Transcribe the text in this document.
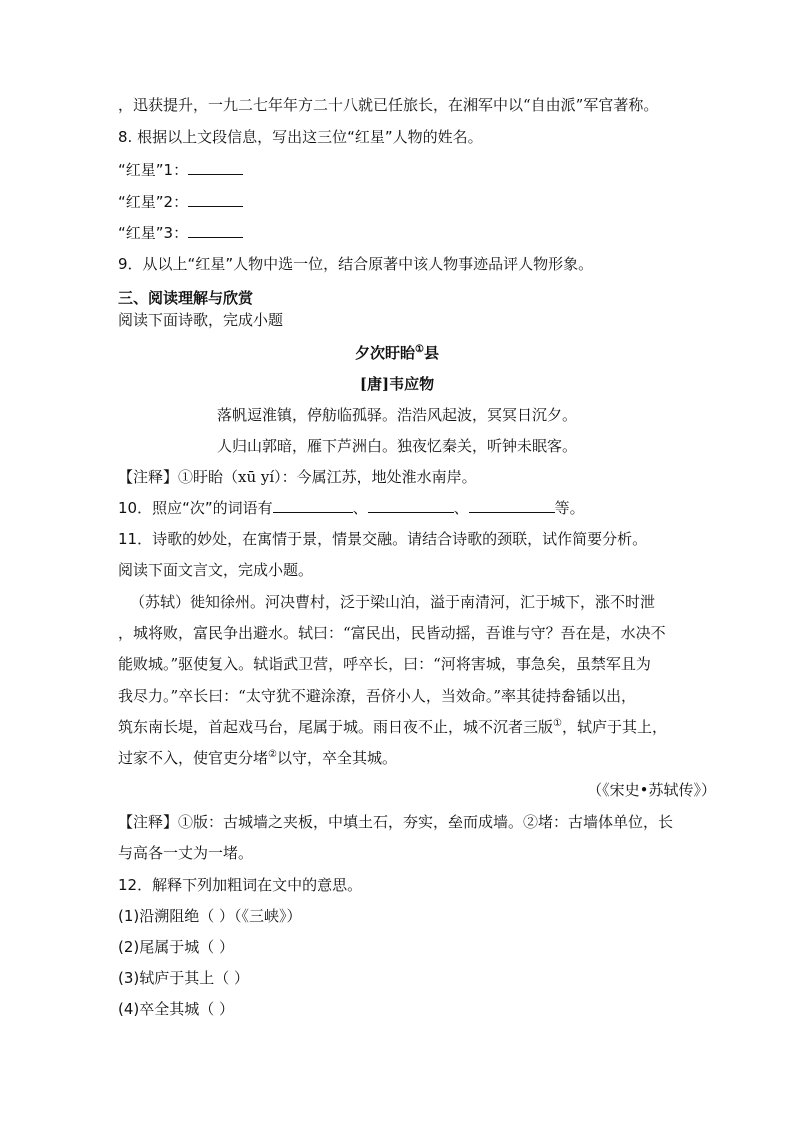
，迅获提升，一九二七年年方二十八就已任旅长，在湘军中以“自由派”军官著称。
8. 根据以上文段信息，写出这三位“红星”人物的姓名。
“红星”1：
“红星”2：
“红星”3：
9．从以上“红星”人物中选一位，结合原著中该人物事迹品评人物形象。
三、阅读理解与欣赏
阅读下面诗歌，完成小题
夕次盱眙①县
[唐]韦应物
落帆逗淮镇，停舫临孤驿。浩浩风起波，冥冥日沉夕。
人归山郭暗，雁下芦洲白。独夜忆秦关，听钟未眠客。
【注释】①盱眙（xū yí）：今属江苏，地处淮水南岸。
10．照应“次”的词语有	、	、	等。
11．诗歌的妙处，在寓情于景，情景交融。请结合诗歌的颈联，试作简要分析。
阅读下面文言文，完成小题。
（苏轼）徙知徐州。河决曹村，泛于梁山泊，溢于南清河，汇于城下，涨不时泄
，城将败，富民争出避水。轼曰：“富民出，民皆动摇，吾谁与守？吾在是，水决不
能败城。”驱使复入。轼诣武卫营，呼卒长，曰：“河将害城，事急矣，虽禁军且为
我尽力。”卒长曰：“太守犹不避涂潦，吾侪小人，当效命。”率其徒持畚锸以出，
筑东南长堤，首起戏马台，尾属于城。雨日夜不止，城不沉者三版①，轼庐于其上，
过家不入，使官吏分堵②以守，卒全其城。
（《宋史•苏轼传》）
【注释】①版：古城墙之夹板，中填土石，夯实，垒而成墙。②堵：古墙体单位，长
与高各一丈为一堵。
12．解释下列加粗词在文中的意思。
(1)沿溯阻绝（ ）（《三峡》）
(2)尾属于城（ ）
(3)轼庐于其上（ ）
(4)卒全其城（ ）
